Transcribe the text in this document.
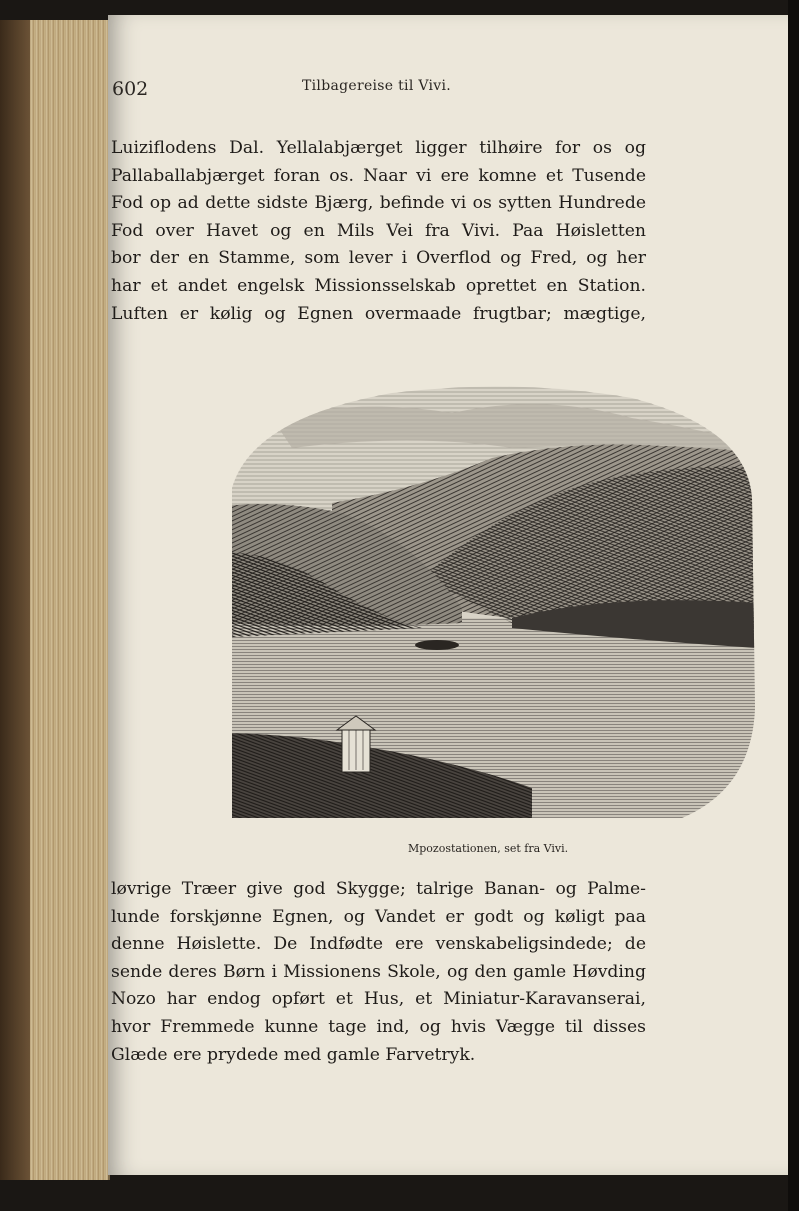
602	Tilbagereise til Vivi.
Luiziflodens Dal. Yellalabjærget ligger tilhøire for os og
Pallaballabjærget foran os. Naar vi ere komne et Tusende
Fod op ad dette sidste Bjærg, befinde vi os sytten Hundrede
Fod over Havet og en Mils Vei fra Vivi. Paa Høisletten
bor der en Stamme, som lever i Overflod og Fred, og her
har et andet engelsk Missionsselskab oprettet en Station.
Luften er kølig og Egnen overmaade frugtbar; mægtige,
Mpozostationen, set fra Vivi.
løvrige Træer give god Skygge; talrige Banan- og Palme-
lunde forskjønne Egnen, og Vandet er godt og køligt paa
denne Høislette. De Indfødte ere venskabeligsindede; de
sende deres Børn i Missionens Skole, og den gamle Høvding
Nozo har endog opført et Hus, et Miniatur-Karavanserai,
hvor Fremmede kunne tage ind, og hvis Vægge til disses
Glæde ere prydede med gamle Farvetryk.
